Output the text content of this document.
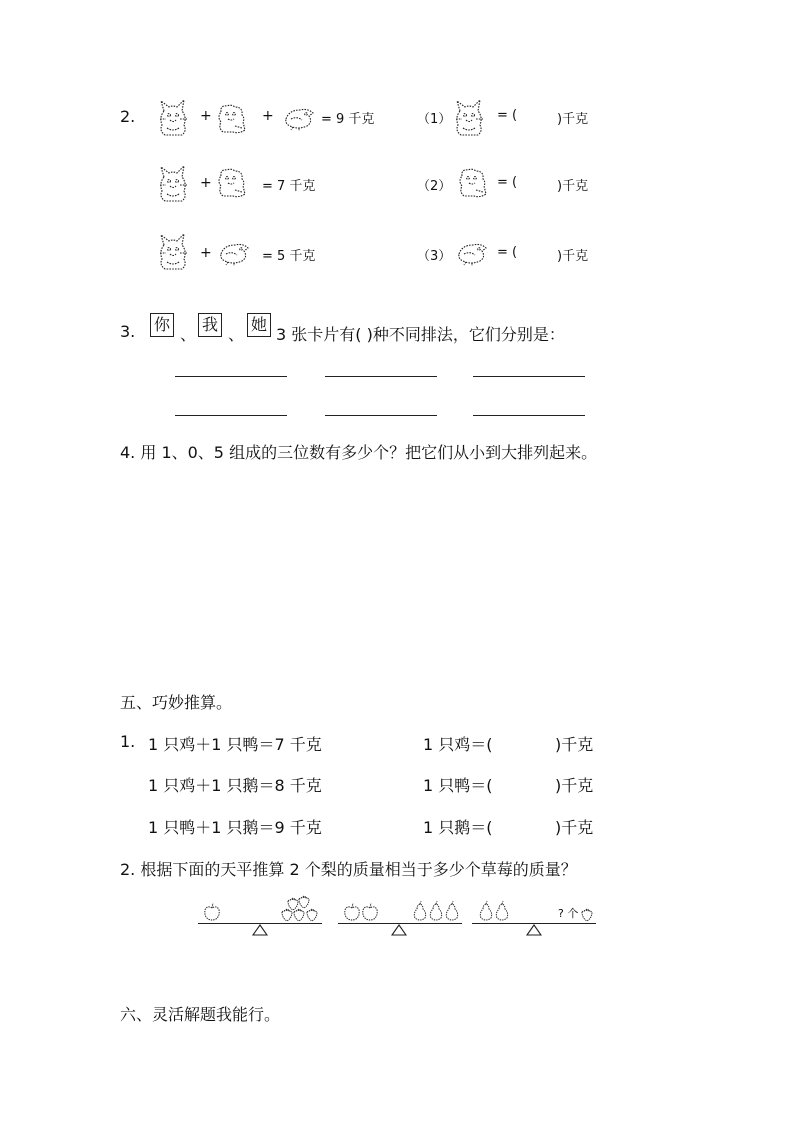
2.	+	+	= 9 千克	（1）	= (	)千克
+	= 7 千克	（2）	= (	)千克
+	= 5 千克	（3）	= (	)千克
3. 你
、
我
、
她
3 张卡片有( )种不同排法，它们分别是：
4. 用 1、0、5 组成的三位数有多少个？把它们从小到大排列起来。
五、巧妙推算。
1. 1 只鸡＋1 只鸭＝7 千克	1 只鸡＝(	)千克
1 只鸡＋1 只鹅＝8 千克	1 只鸭＝(	)千克
1 只鸭＋1 只鹅＝9 千克	1 只鹅＝(	)千克
2. 根据下面的天平推算 2 个梨的质量相当于多少个草莓的质量？
? 个
六、灵活解题我能行。
